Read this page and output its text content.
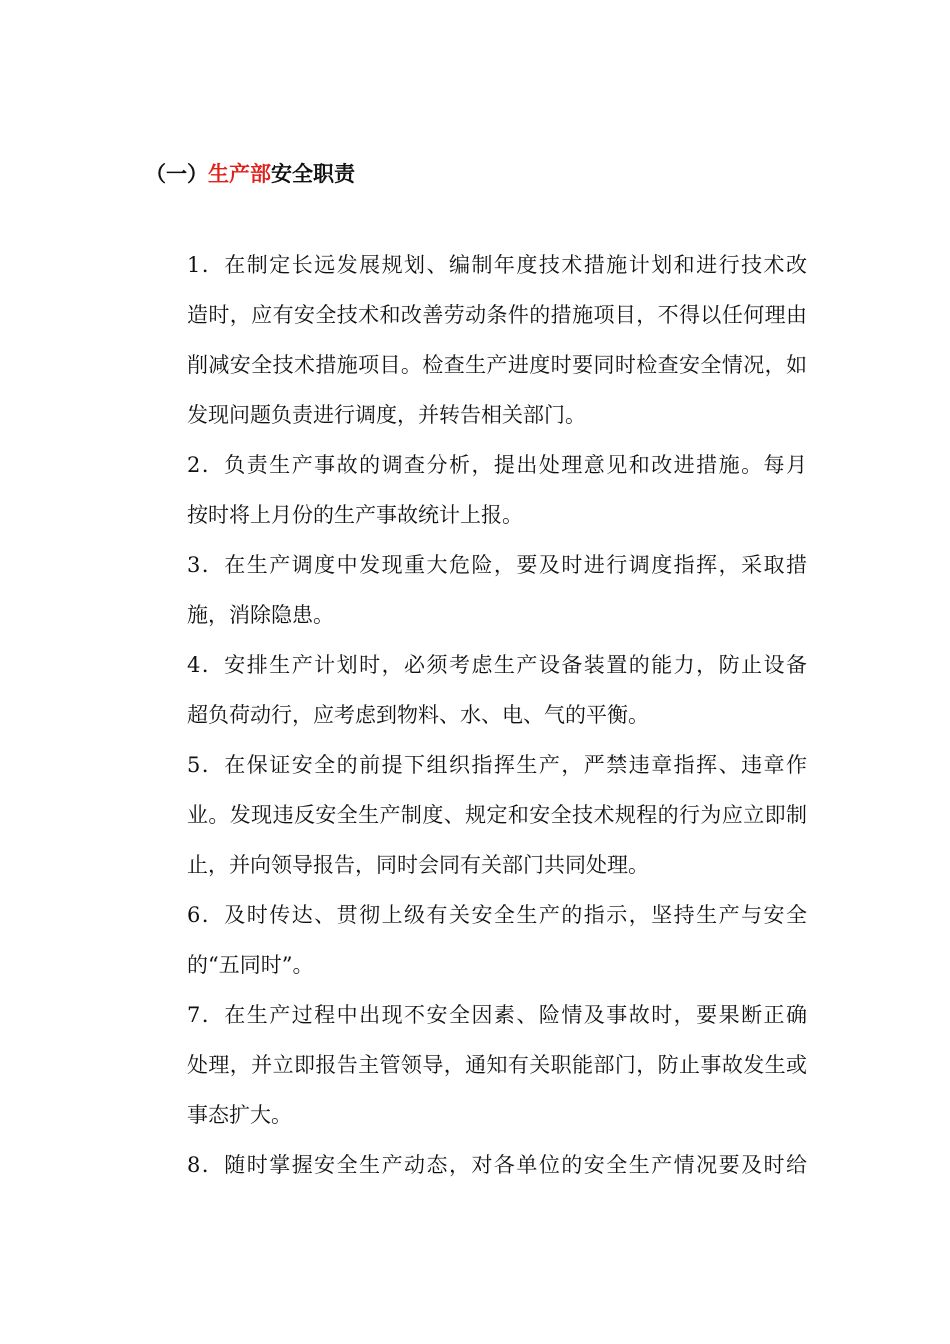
（一）生产部安全职责
1．在制定长远发展规划、编制年度技术措施计划和进行技术改
造时，应有安全技术和改善劳动条件的措施项目，不得以任何理由
削减安全技术措施项目。检查生产进度时要同时检查安全情况，如
发现问题负责进行调度，并转告相关部门。
2．负责生产事故的调查分析，提出处理意见和改进措施。每月
按时将上月份的生产事故统计上报。
3．在生产调度中发现重大危险，要及时进行调度指挥，采取措
施，消除隐患。
4．安排生产计划时，必须考虑生产设备装置的能力，防止设备
超负荷动行，应考虑到物料、水、电、气的平衡。
5．在保证安全的前提下组织指挥生产，严禁违章指挥、违章作
业。发现违反安全生产制度、规定和安全技术规程的行为应立即制
止，并向领导报告，同时会同有关部门共同处理。
6．及时传达、贯彻上级有关安全生产的指示，坚持生产与安全
的“五同时”。
7．在生产过程中出现不安全因素、险情及事故时，要果断正确
处理，并立即报告主管领导，通知有关职能部门，防止事故发生或
事态扩大。
8．随时掌握安全生产动态，对各单位的安全生产情况要及时给
